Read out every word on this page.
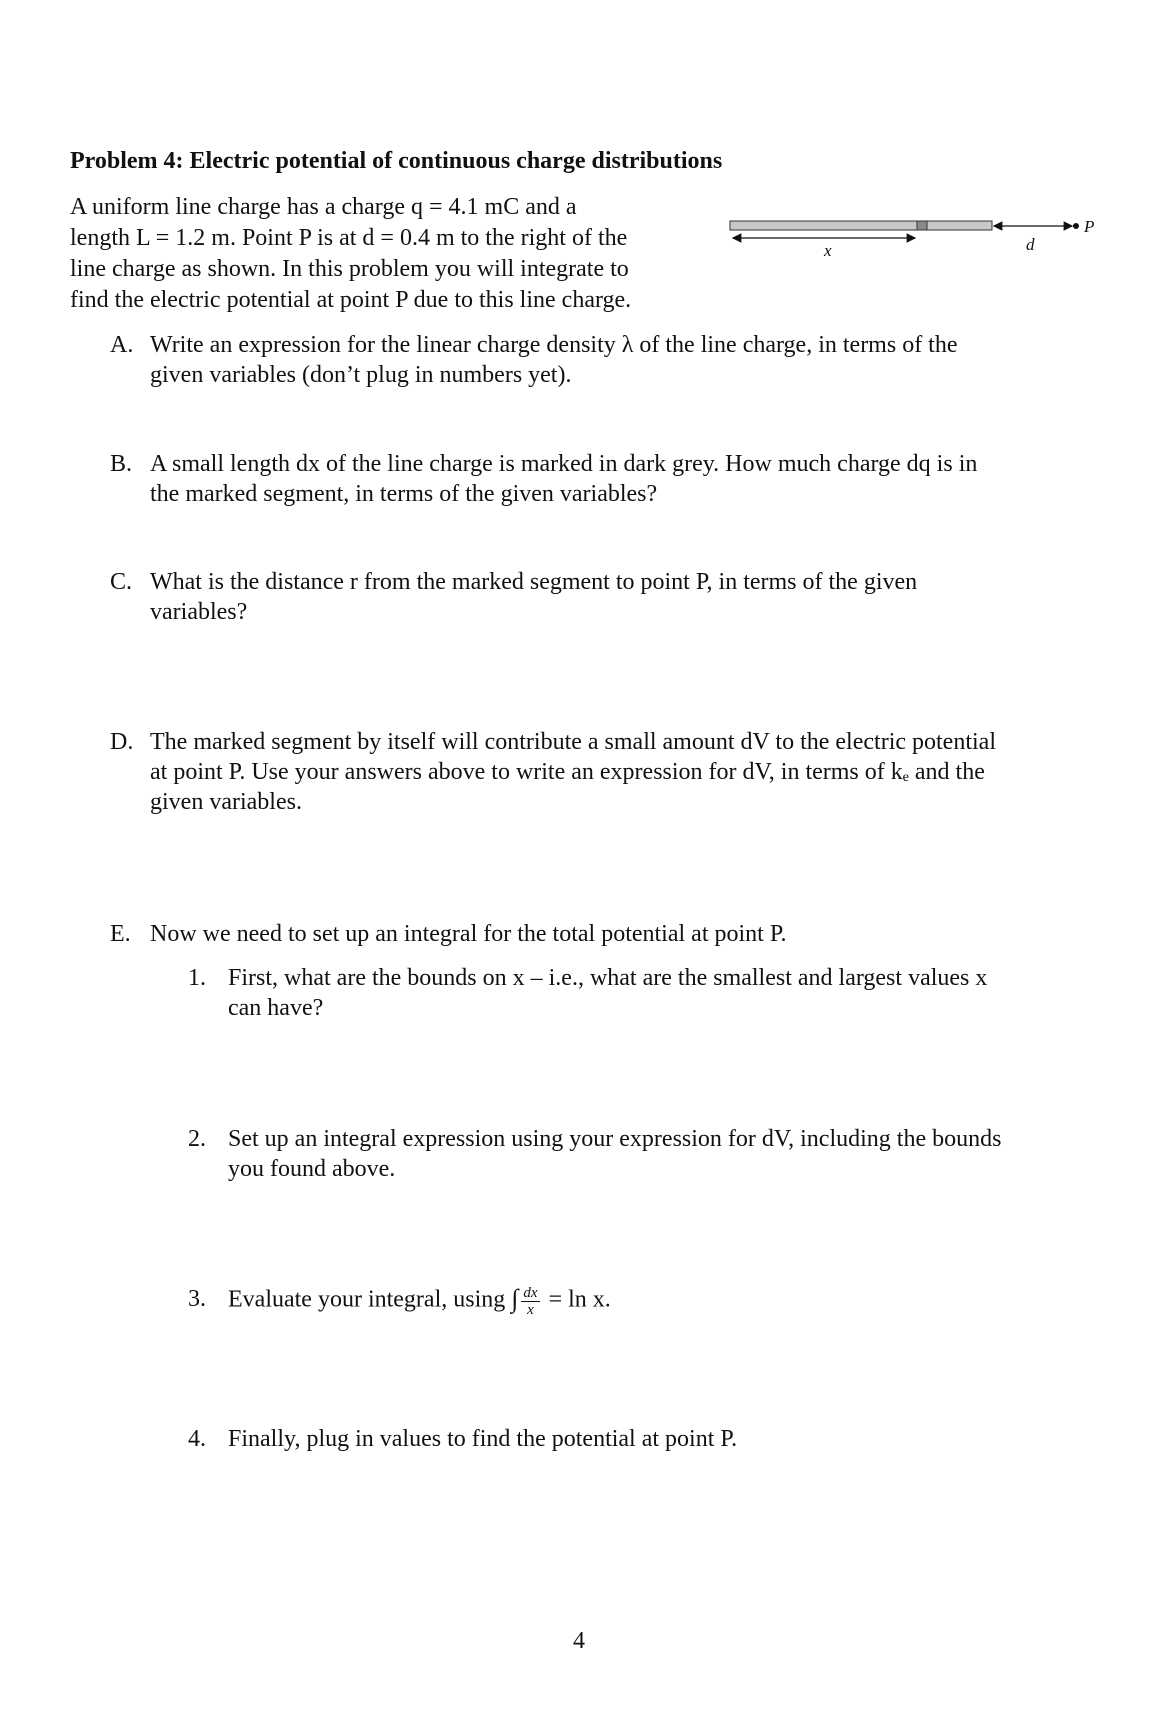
Problem 4: Electric potential of continuous charge distributions
A uniform line charge has a charge q = 4.1 mC and a
length L = 1.2 m. Point P is at d = 0.4 m to the right of the
line charge as shown. In this problem you will integrate to
find the electric potential at point P due to this line charge.
x	d
P
A. Write an expression for the linear charge density λ of the line charge, in terms of the
given variables (don’t plug in numbers yet).
B. A small length dx of the line charge is marked in dark grey. How much charge dq is in
the marked segment, in terms of the given variables?
C. What is the distance r from the marked segment to point P, in terms of the given
variables?
D. The marked segment by itself will contribute a small amount dV to the electric potential
at point P. Use your answers above to write an expression for dV, in terms of kₑ and the
given variables.
E. Now we need to set up an integral for the total potential at point P.
1. First, what are the bounds on x – i.e., what are the smallest and largest values x
can have?
2. Set up an integral expression using your expression for dV, including the bounds
you found above.
3. Evaluate your integral, using ∫ $\frac{dx}{x} = \ln x$.
4. Finally, plug in values to find the potential at point P.
4
